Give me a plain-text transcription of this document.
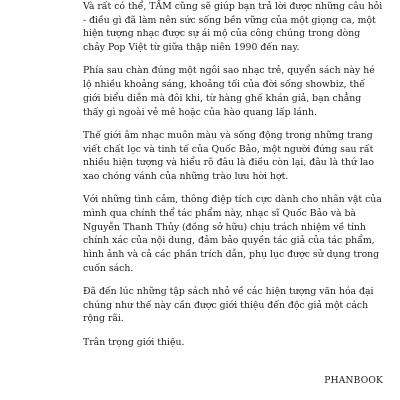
Và rất có thể, TẦM cũng sẽ giúp bạn trả lời được những câu hỏi - điều gì đã làm nên sức sống bền vững của một giọng ca, một hiện tượng nhạc được sự ái mộ của công chúng trong dòng chảy Pop Việt từ giữa thập niên 1990 đến nay.

Phía sau chàn đúng một ngôi sao nhạc trẻ, quyển sách này hé lộ nhiều khoảng sáng, khoảng tối của đời sống showbiz, thế giới biểu diễn mà đôi khi, từ hàng ghế khán giả, bạn chẳng thấy gì ngoài vẻ mê hoặc của hào quang lấp lánh.

Thế giới âm nhạc muôn màu và sống động trong những trang viết chất lọc và tinh tế của Quốc Bảo, một người đứng sau rất nhiều hiện tượng và hiểu rõ đâu là điều còn lại, đâu là thứ lao xao chóng vánh của những trào lưu hời hợt.

Với những tình cảm, thông điệp tích cực dành cho nhân vật của mình qua chính thể tác phẩm này, nhạc sĩ Quốc Bảo và bà Nguyễn Thanh Thủy (đồng sở hữu) chịu trách nhiệm về tính chính xác của nội dung, đảm bảo quyền tác giả của tác phẩm, hình ảnh và cả các phần trích dẫn, phụ lục được sử dụng trong cuốn sách.

Đã đến lúc những tập sách nhỏ về các hiện tượng văn hóa đại chúng như thế này cần được giới thiệu đến độc giả một cách rộng rãi.

Trân trọng giới thiệu.

PHANBOOK
